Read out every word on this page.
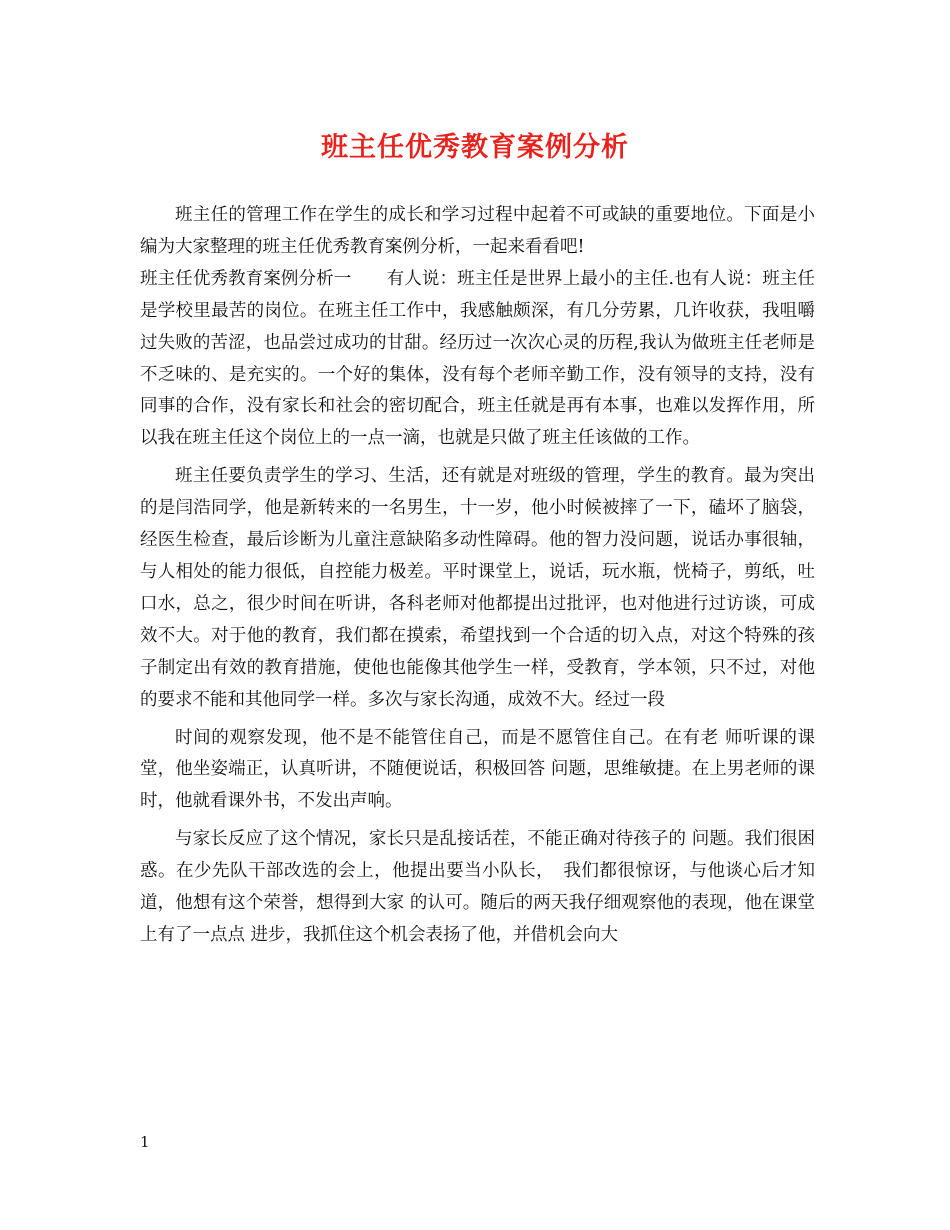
班主任优秀教育案例分析

班主任的管理工作在学生的成长和学习过程中起着不可或缺的重要地位。下面是小编为大家整理的班主任优秀教育案例分析，一起来看看吧!

班主任优秀教育案例分析一　　有人说：班主任是世界上最小的主任.也有人说：班主任是学校里最苦的岗位。在班主任工作中，我感触颇深，有几分劳累，几许收获，我咀嚼过失败的苦涩，也品尝过成功的甘甜。经历过一次次心灵的历程,我认为做班主任老师是不乏味的、是充实的。一个好的集体，没有每个老师辛勤工作，没有领导的支持，没有同事的合作，没有家长和社会的密切配合，班主任就是再有本事，也难以发挥作用，所以我在班主任这个岗位上的一点一滴，也就是只做了班主任该做的工作。

班主任要负责学生的学习、生活，还有就是对班级的管理，学生的教育。最为突出的是闫浩同学，他是新转来的一名男生，十一岁，他小时候被摔了一下，磕坏了脑袋，经医生检查，最后诊断为儿童注意缺陷多动性障碍。他的智力没问题，说话办事很轴，与人相处的能力很低，自控能力极差。平时课堂上，说话，玩水瓶，恍椅子，剪纸，吐口水，总之，很少时间在听讲，各科老师对他都提出过批评，也对他进行过访谈，可成效不大。对于他的教育，我们都在摸索，希望找到一个合适的切入点，对这个特殊的孩子制定出有效的教育措施，使他也能像其他学生一样，受教育，学本领，只不过，对他的要求不能和其他同学一样。多次与家长沟通，成效不大。经过一段

时间的观察发现，他不是不能管住自己，而是不愿管住自己。在有老 师听课的课堂，他坐姿端正，认真听讲，不随便说话，积极回答 问题，思维敏捷。在上男老师的课时，他就看课外书，不发出声响。

与家长反应了这个情况，家长只是乱接话茬，不能正确对待孩子的 问题。我们很困惑。在少先队干部改选的会上，他提出要当小队长，　我们都很惊讶，与他谈心后才知道，他想有这个荣誉，想得到大家 的认可。随后的两天我仔细观察他的表现，他在课堂上有了一点点 进步，我抓住这个机会表扬了他，并借机会向大

1
